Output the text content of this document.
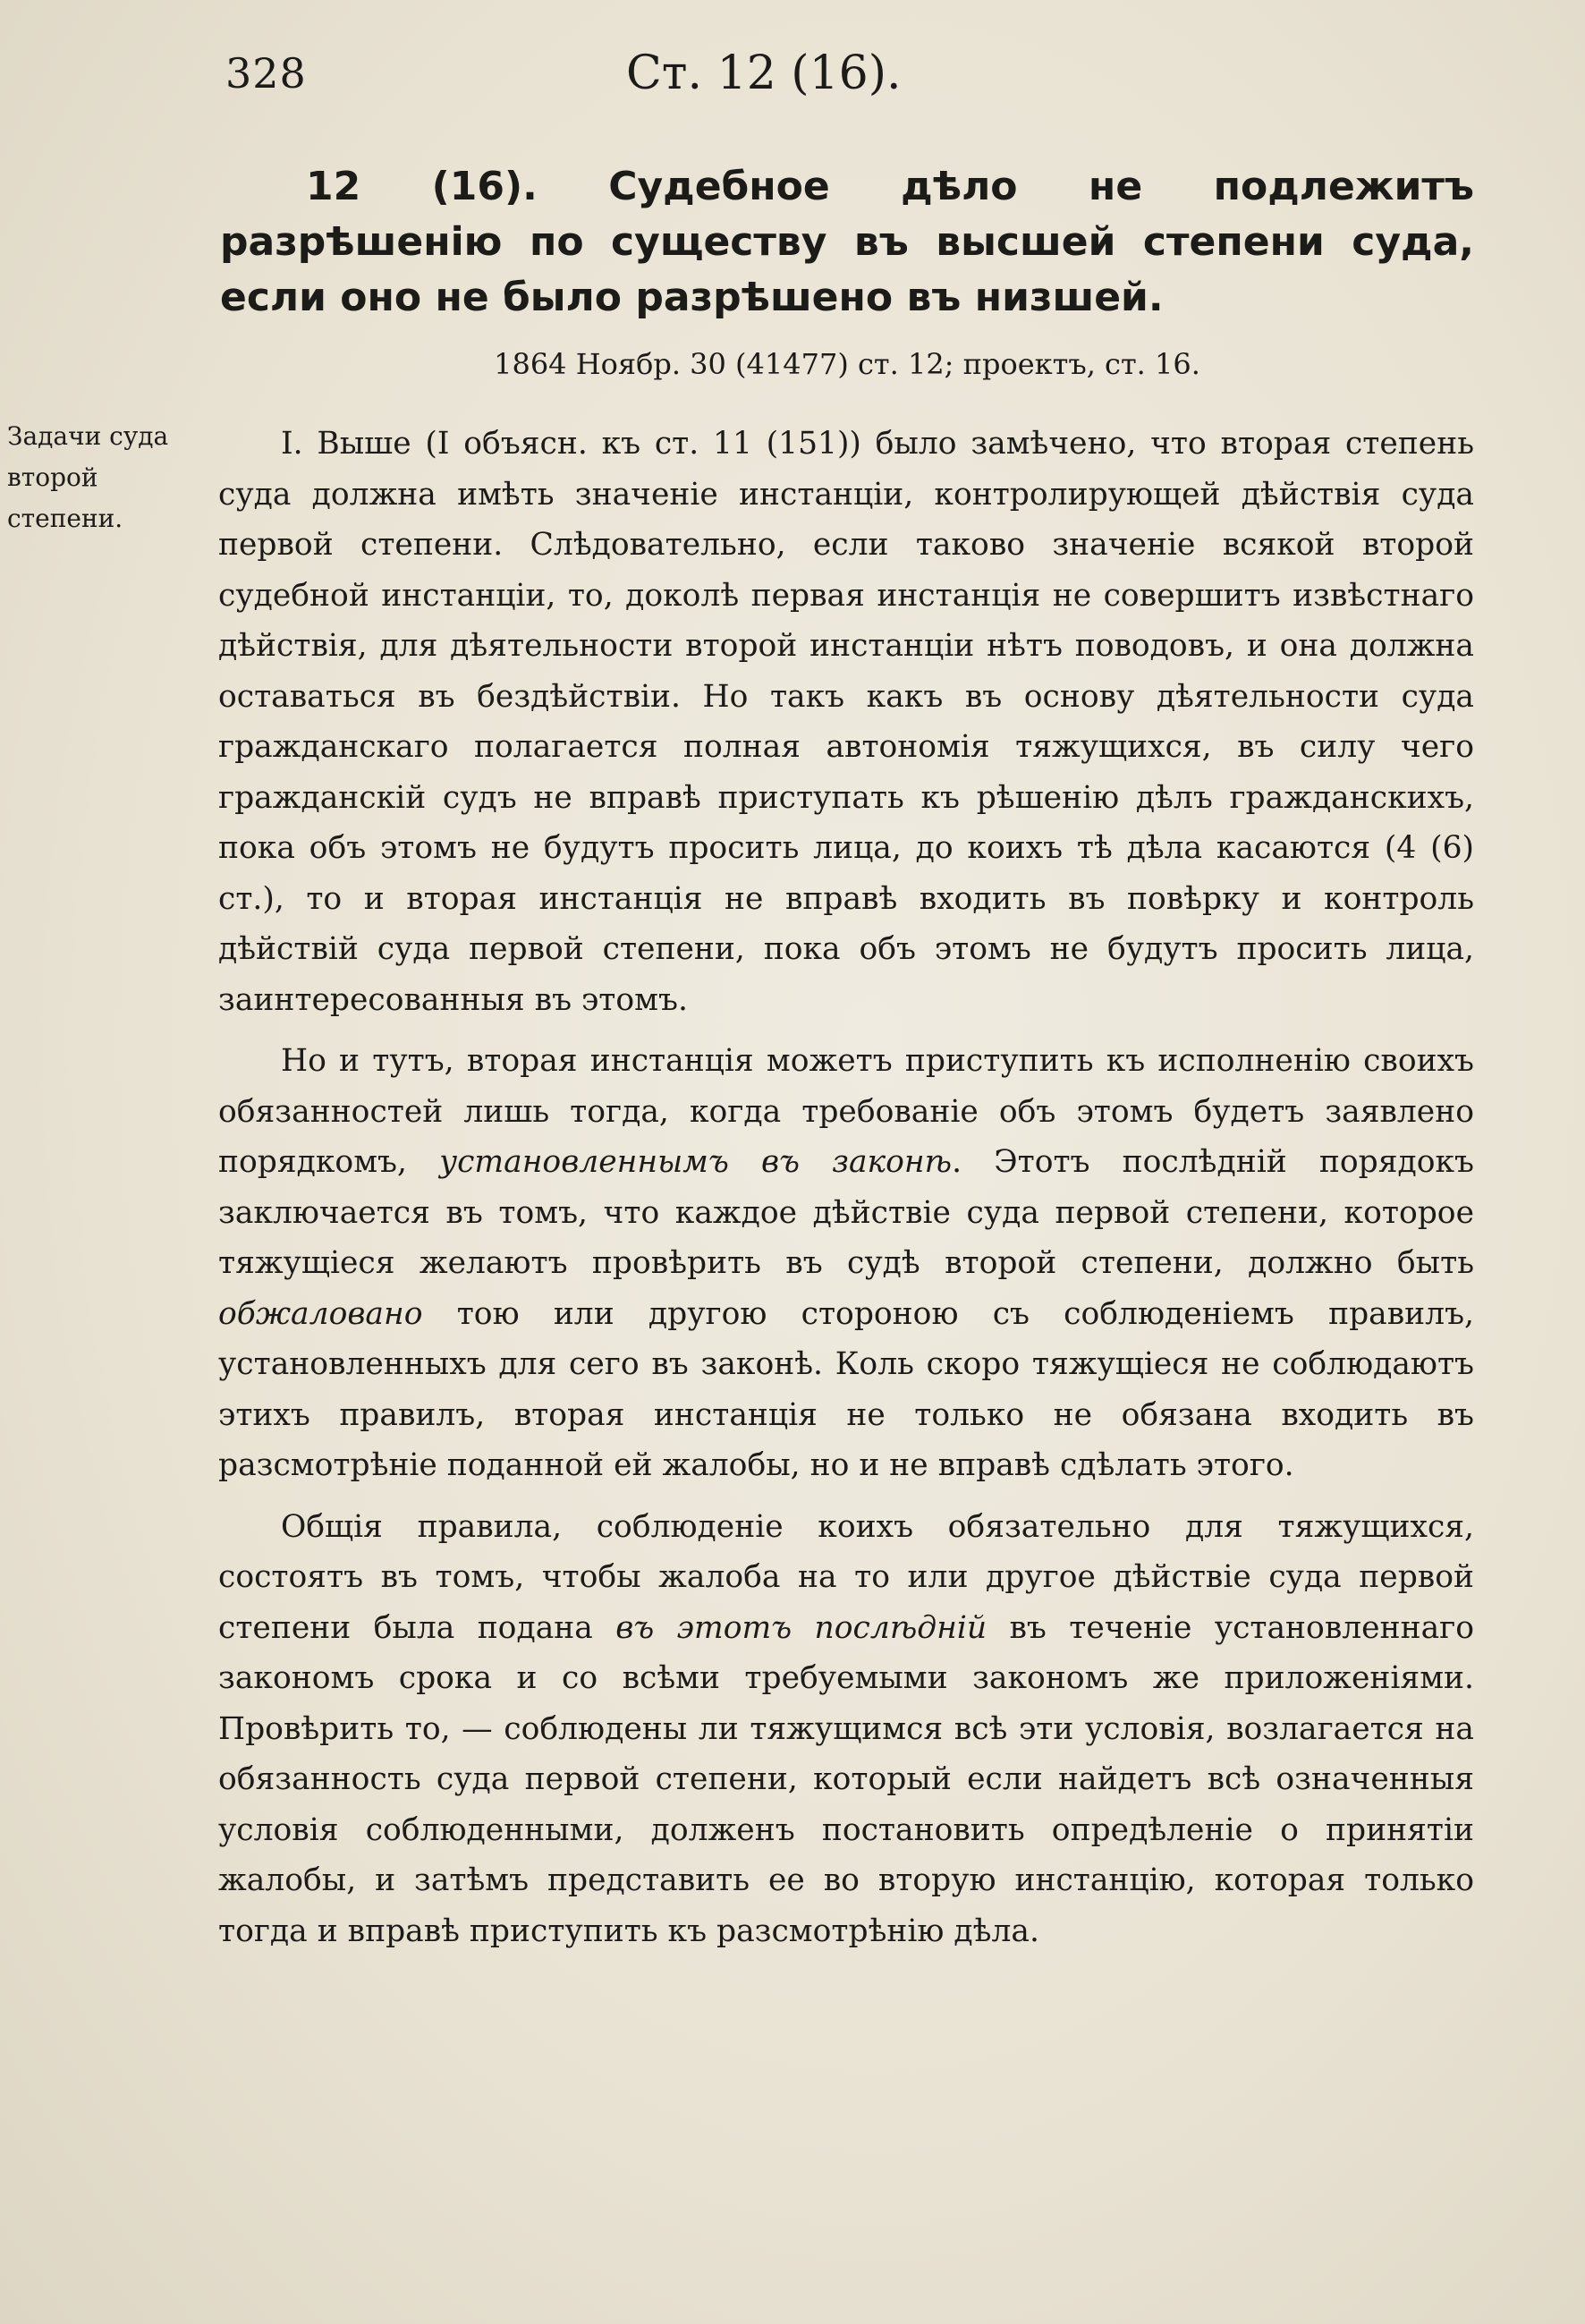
328	Ст. 12 (16).
12 (16). Судебное дѣло не подлежитъ разрѣшенію по существу въ высшей степени суда, если оно не было разрѣшено въ низшей.
1864 Ноябр. 30 (41477) ст. 12; проектъ, ст. 16.
Задачи суда второй степени.

I. Выше (I объясн. къ ст. 11 (151)) было замѣчено, что вторая степень суда должна имѣть значеніе инстанціи, контролирующей дѣйствія суда первой степени. Слѣдовательно, если таково значеніе всякой второй судебной инстанціи, то, доколѣ первая инстанція не совершитъ извѣстнаго дѣйствія, для дѣятельности второй инстанціи нѣтъ поводовъ, и она должна оставаться въ бездѣйствіи. Но такъ какъ въ основу дѣятельности суда гражданскаго полагается полная автономія тяжущихся, въ силу чего гражданскій судъ не вправѣ приступать къ рѣшенію дѣлъ гражданскихъ, пока объ этомъ не будутъ просить лица, до коихъ тѣ дѣла касаются (4 (6) ст.), то и вторая инстанція не вправѣ входить въ повѣрку и контроль дѣйствій суда первой степени, пока объ этомъ не будутъ просить лица, заинтересованныя въ этомъ.

Но и тутъ, вторая инстанція можетъ приступить къ исполненію своихъ обязанностей лишь тогда, когда требованіе объ этомъ будетъ заявлено порядкомъ, установленнымъ въ законѣ. Этотъ послѣдній порядокъ заключается въ томъ, что каждое дѣйствіе суда первой степени, которое тяжущіеся желаютъ провѣрить въ судѣ второй степени, должно быть обжаловано тою или другою стороною съ соблюденіемъ правилъ, установленныхъ для сего въ законѣ. Коль скоро тяжущіеся не соблюдаютъ этихъ правилъ, вторая инстанція не только не обязана входить въ разсмотрѣніе поданной ей жалобы, но и не вправѣ сдѣлать этого.

Общія правила, соблюденіе коихъ обязательно для тяжущихся, состоятъ въ томъ, чтобы жалоба на то или другое дѣйствіе суда первой степени была подана въ этотъ послѣдній въ теченіе установленнаго закономъ срока и со всѣми требуемыми закономъ же приложеніями. Провѣрить то, — соблюдены ли тяжущимся всѣ эти условія, возлагается на обязанность суда первой степени, который если найдетъ всѣ означенныя условія соблюденными, долженъ постановить опредѣленіе о принятіи жалобы, и затѣмъ представить ее во вторую инстанцію, которая только тогда и вправѣ приступить къ разсмотрѣнію дѣла.
